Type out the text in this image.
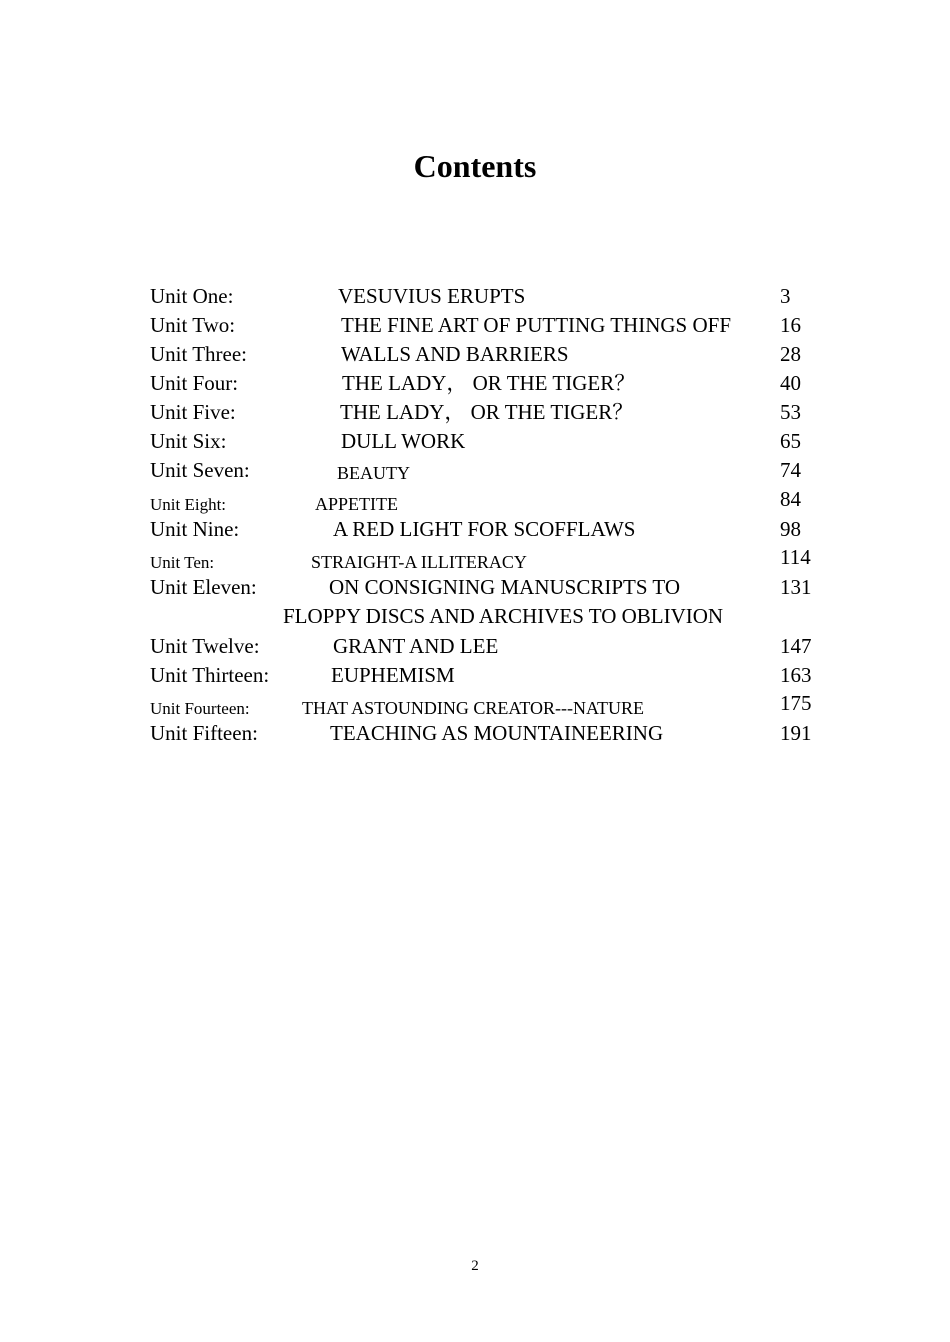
Contents
Unit One:	VESUVIUS ERUPTS	3
Unit Two:	THE FINE ART OF PUTTING THINGS OFF 16
Unit Three:	WALLS AND BARRIERS	28
Unit Four:	THE LADY， OR THE TIGER？	40
Unit Five:	THE LADY， OR THE TIGER？	53
Unit Six:	DULL WORK	65
Unit Seven:	BEAUTY	74
Unit Eight:	APPETITE	84
Unit Nine:	A RED LIGHT FOR SCOFFLAWS	98
Unit Ten:	STRAIGHT-A ILLITERACY	114
Unit Eleven:	ON CONSIGNING MANUSCRIPTS TO	131
FLOPPY DISCS AND ARCHIVES TO OBLIVION
Unit Twelve:	GRANT AND LEE	147
Unit Thirteen:	EUPHEMISM	163
Unit Fourteen:	THAT ASTOUNDING CREATOR---NATURE	175
Unit Fifteen:	TEACHING AS MOUNTAINEERING	191
2
